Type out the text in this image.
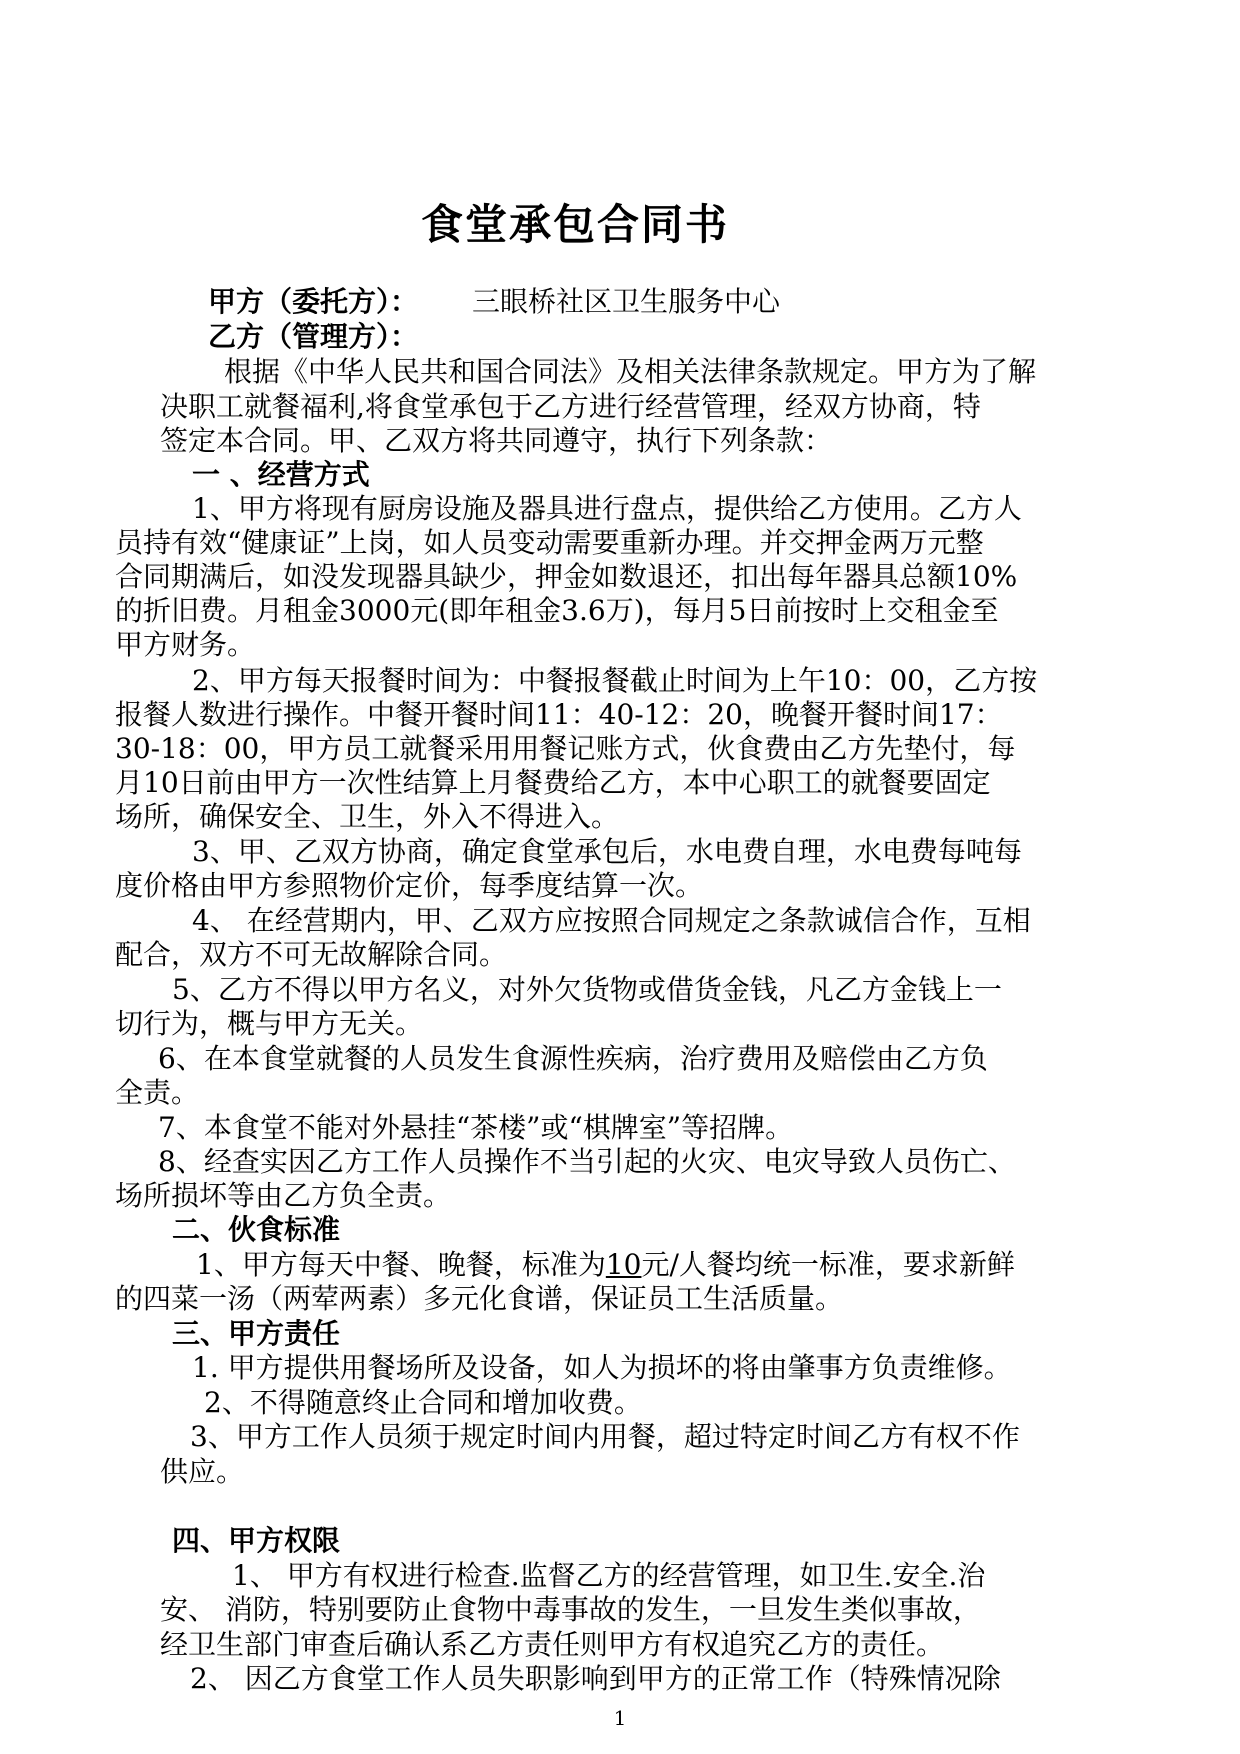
食堂承包合同书
甲方（委托方）： 三眼桥社区卫生服务中心
乙方（管理方）：
根据《中华人民共和国合同法》及相关法律条款规定。甲方为了解
决职工就餐福利,将食堂承包于乙方进行经营管理，经双方协商，特
签定本合同。甲、乙双方将共同遵守，执行下列条款：
一 、经营方式
1、甲方将现有厨房设施及器具进行盘点，提供给乙方使用。乙方人
员持有效“健康证”上岗，如人员变动需要重新办理。并交押金两万元整
合同期满后，如没发现器具缺少，押金如数退还，扣出每年器具总额10%
的折旧费。月租金3000元(即年租金3.6万)，每月5日前按时上交租金至
甲方财务。
2、甲方每天报餐时间为：中餐报餐截止时间为上午10：00，乙方按
报餐人数进行操作。中餐开餐时间11：40-12：20，晚餐开餐时间17：
30-18：00，甲方员工就餐采用用餐记账方式，伙食费由乙方先垫付，每
月10日前由甲方一次性结算上月餐费给乙方，本中心职工的就餐要固定
场所，确保安全、卫生，外入不得进入。
3、甲、乙双方协商，确定食堂承包后，水电费自理，水电费每吨每
度价格由甲方参照物价定价，每季度结算一次。
4、 在经营期内，甲、乙双方应按照合同规定之条款诚信合作，互相
配合，双方不可无故解除合同。
5、乙方不得以甲方名义，对外欠货物或借货金钱，凡乙方金钱上一
切行为，概与甲方无关。
6、在本食堂就餐的人员发生食源性疾病，治疗费用及赔偿由乙方负
全责。
7、本食堂不能对外悬挂“茶楼”或“棋牌室”等招牌。
8、经查实因乙方工作人员操作不当引起的火灾、电灾导致人员伤亡、
场所损坏等由乙方负全责。
二、伙食标准
1、甲方每天中餐、晚餐，标准为10元/人餐均统一标准，要求新鲜
的四菜一汤（两荤两素）多元化食谱，保证员工生活质量。
三、甲方责任
1. 甲方提供用餐场所及设备，如人为损坏的将由肇事方负责维修。
2、不得随意终止合同和增加收费。
3、甲方工作人员须于规定时间内用餐，超过特定时间乙方有权不作
供应。
四、甲方权限
1、 甲方有权进行检查.监督乙方的经营管理，如卫生.安全.治
安、 消防，特别要防止食物中毒事故的发生，一旦发生类似事故，
经卫生部门审查后确认系乙方责任则甲方有权追究乙方的责任。
2、 因乙方食堂工作人员失职影响到甲方的正常工作（特殊情况除
1
